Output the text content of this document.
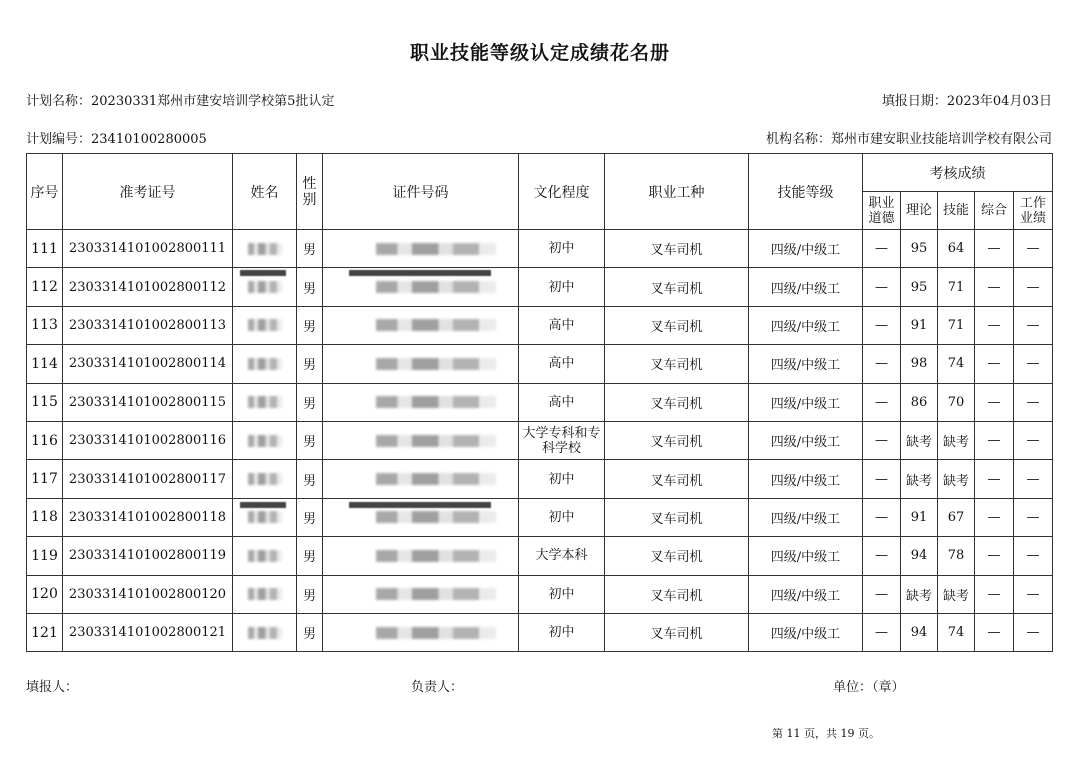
职业技能等级认定成绩花名册
计划名称：20230331郑州市建安培训学校第5批认定	填报日期：2023年04月03日
计划编号：23410100280005	机构名称：郑州市建安职业技能培训学校有限公司
序号	准考证号	姓名	性别	证件号码	文化程度	职业工种	技能等级	考核成绩				
								职业道德	理论	技能	综合	工作业绩
111	2303314101002800111		男		初中	叉车司机	四级/中级工	—	95	64	—	—
112	2303314101002800112		男		初中	叉车司机	四级/中级工	—	95	71	—	—
113	2303314101002800113		男		高中	叉车司机	四级/中级工	—	91	71	—	—
114	2303314101002800114		男		高中	叉车司机	四级/中级工	—	98	74	—	—
115	2303314101002800115		男		高中	叉车司机	四级/中级工	—	86	70	—	—
116	2303314101002800116		男		大学专科和专科学校	叉车司机	四级/中级工	—	缺考	缺考	—	—
117	2303314101002800117		男		初中	叉车司机	四级/中级工	—	缺考	缺考	—	—
118	2303314101002800118		男		初中	叉车司机	四级/中级工	—	91	67	—	—
119	2303314101002800119		男		大学本科	叉车司机	四级/中级工	—	94	78	—	—
120	2303314101002800120		男		初中	叉车司机	四级/中级工	—	缺考	缺考	—	—
121	2303314101002800121		男		初中	叉车司机	四级/中级工	—	94	74	—	—
填报人：	负责人：	单位：（章）
第 11 页，共 19 页。
